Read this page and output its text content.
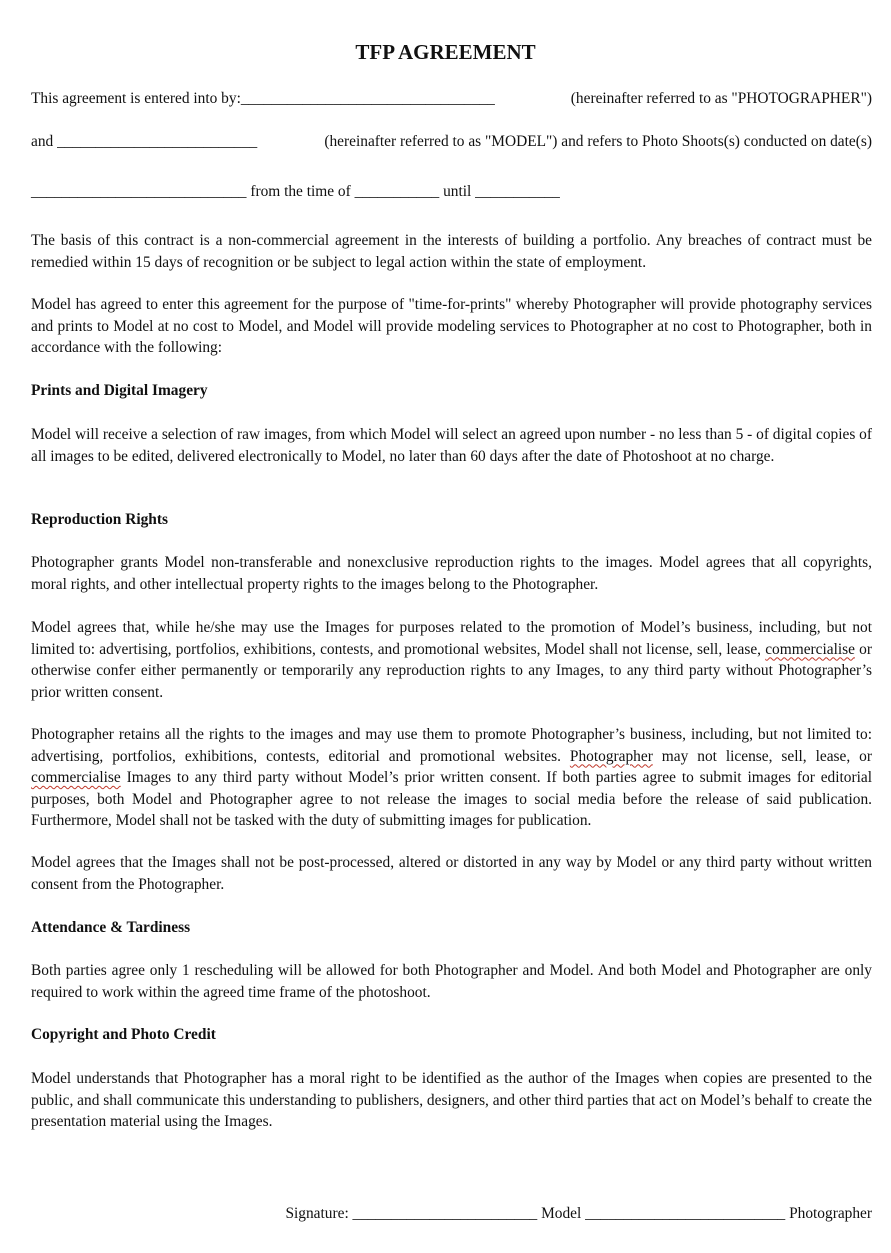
TFP AGREEMENT
This agreement is entered into by:_________________________________	(hereinafter referred to as "PHOTOGRAPHER")
and __________________________	(hereinafter referred to as "MODEL") and refers to Photo Shoots(s) conducted on date(s)
____________________________ from the time of ___________ until ___________

The basis of this contract is a non-commercial agreement in the interests of building a portfolio. Any breaches of contract must be remedied within 15 days of recognition or be subject to legal action within the state of employment.

Model has agreed to enter this agreement for the purpose of "time-for-prints" whereby Photographer will provide photography services and prints to Model at no cost to Model, and Model will provide modeling services to Photographer at no cost to Photographer, both in accordance with the following:

Prints and Digital Imagery

Model will receive a selection of raw images, from which Model will select an agreed upon number - no less than 5 - of digital copies of all images to be edited, delivered electronically to Model, no later than 60 days after the date of Photoshoot at no charge.

Reproduction Rights

Photographer grants Model non-transferable and nonexclusive reproduction rights to the images. Model agrees that all copyrights, moral rights, and other intellectual property rights to the images belong to the Photographer.

Model agrees that, while he/she may use the Images for purposes related to the promotion of Model’s business, including, but not limited to: advertising, portfolios, exhibitions, contests, and promotional websites, Model shall not license, sell, lease, commercialise or otherwise confer either permanently or temporarily any reproduction rights to any Images, to any third party without Photographer’s prior written consent.

Photographer retains all the rights to the images and may use them to promote Photographer’s business, including, but not limited to: advertising, portfolios, exhibitions, contests, editorial and promotional websites. Photographer may not license, sell, lease, or commercialise Images to any third party without Model’s prior written consent. If both parties agree to submit images for editorial purposes, both Model and Photographer agree to not release the images to social media before the release of said publication. Furthermore, Model shall not be tasked with the duty of submitting images for publication.

Model agrees that the Images shall not be post-processed, altered or distorted in any way by Model or any third party without written consent from the Photographer.

Attendance & Tardiness

Both parties agree only 1 rescheduling will be allowed for both Photographer and Model. And both Model and Photographer are only required to work within the agreed time frame of the photoshoot.

Copyright and Photo Credit

Model understands that Photographer has a moral right to be identified as the author of the Images when copies are presented to the public, and shall communicate this understanding to publishers, designers, and other third parties that act on Model’s behalf to create the presentation material using the Images.

Signature: ________________________ Model __________________________ Photographer
